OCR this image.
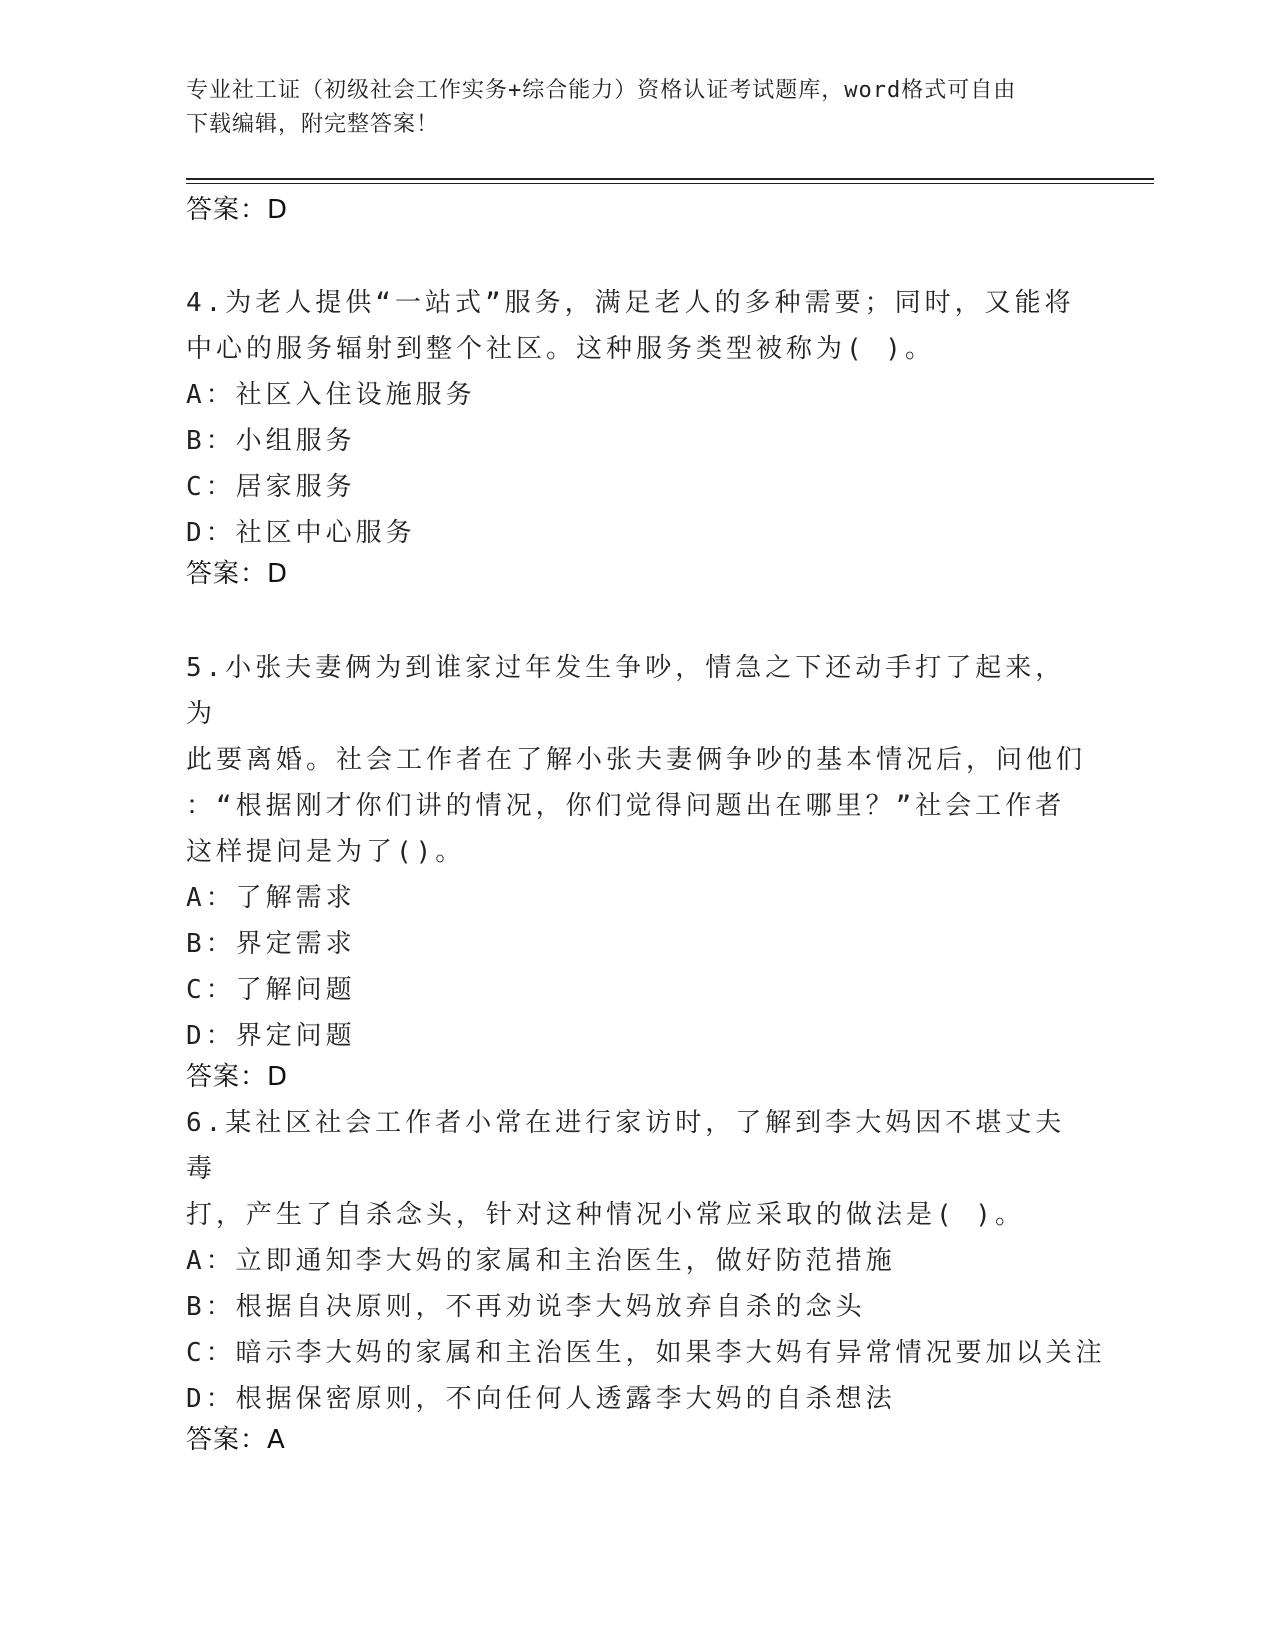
专业社工证（初级社会工作实务+综合能力）资格认证考试题库，word格式可自由
下载编辑，附完整答案！
答案：D
4.为老人提供“一站式”服务，满足老人的多种需要；同时，又能将
中心的服务辐射到整个社区。这种服务类型被称为( )。
A：社区入住设施服务
B：小组服务
C：居家服务
D：社区中心服务
答案：D
5.小张夫妻俩为到谁家过年发生争吵，情急之下还动手打了起来，为
此要离婚。社会工作者在了解小张夫妻俩争吵的基本情况后，问他们
：“根据刚才你们讲的情况，你们觉得问题出在哪里？”社会工作者
这样提问是为了()。
A：了解需求
B：界定需求
C：了解问题
D：界定问题
答案：D
6.某社区社会工作者小常在进行家访时，了解到李大妈因不堪丈夫毒
打，产生了自杀念头，针对这种情况小常应采取的做法是( )。
A：立即通知李大妈的家属和主治医生，做好防范措施
B：根据自决原则，不再劝说李大妈放弃自杀的念头
C：暗示李大妈的家属和主治医生，如果李大妈有异常情况要加以关注
D：根据保密原则，不向任何人透露李大妈的自杀想法
答案：A
